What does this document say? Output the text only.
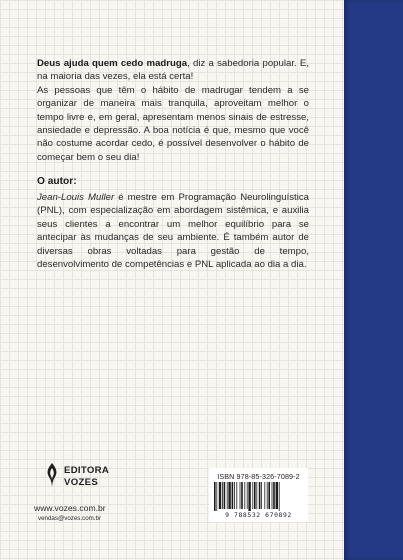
Deus ajuda quem cedo madruga, diz a sabedoria popular. E, na maioria das vezes, ela está certa!
As pessoas que têm o hábito de madrugar tendem a se organizar de maneira mais tranquila, aproveitam melhor o tempo livre e, em geral, apresentam menos sinais de estresse, ansiedade e depressão. A boa notícia é que, mesmo que você não costume acordar cedo, é possível desenvolver o hábito de começar bem o seu dia!

O autor:

Jean-Louis Muller é mestre em Programação Neurolinguística (PNL), com especialização em abordagem sistêmica, e auxilia seus clientes a encontrar um melhor equilíbrio para se antecipar às mudanças de seu ambiente. É também autor de diversas obras voltadas para gestão de tempo, desenvolvimento de competências e PNL aplicada ao dia a dia.

EDITORA
VOZES
www.vozes.com.br
vendas@vozes.com.br
ISBN 978-85-326-7089-2
9 788532 670892
